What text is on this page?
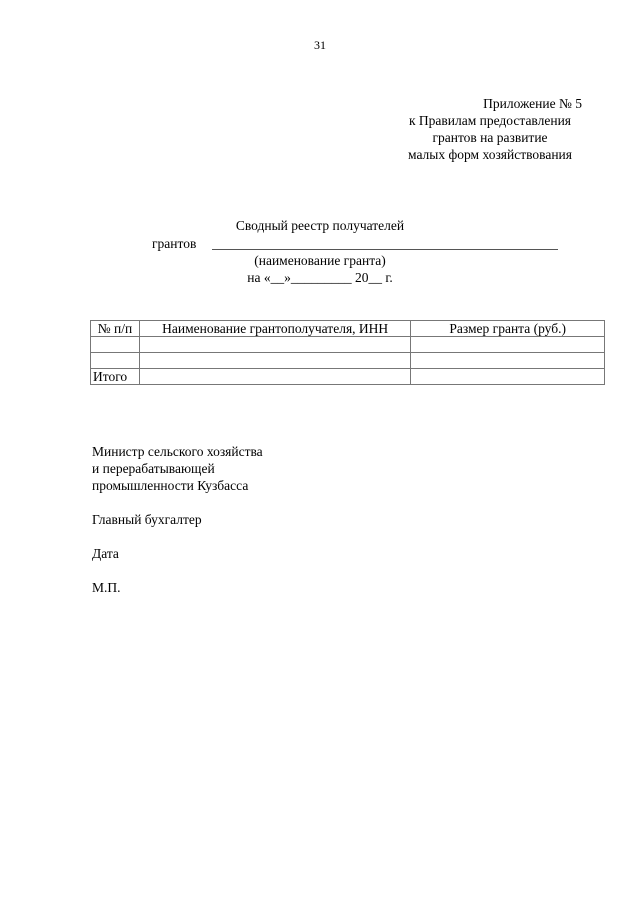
31
Приложение № 5
к Правилам предоставления
грантов на развитие
малых форм хозяйствования
Сводный реестр получателей
грантов
(наименование гранта)
на «__»_________ 20__ г.
№ п/п	Наименование грантополучателя, ИНН	Размер гранта (руб.)

Итого		
Министр сельского хозяйства
и перерабатывающей
промышленности Кузбасса
Главный бухгалтер
Дата
М.П.
